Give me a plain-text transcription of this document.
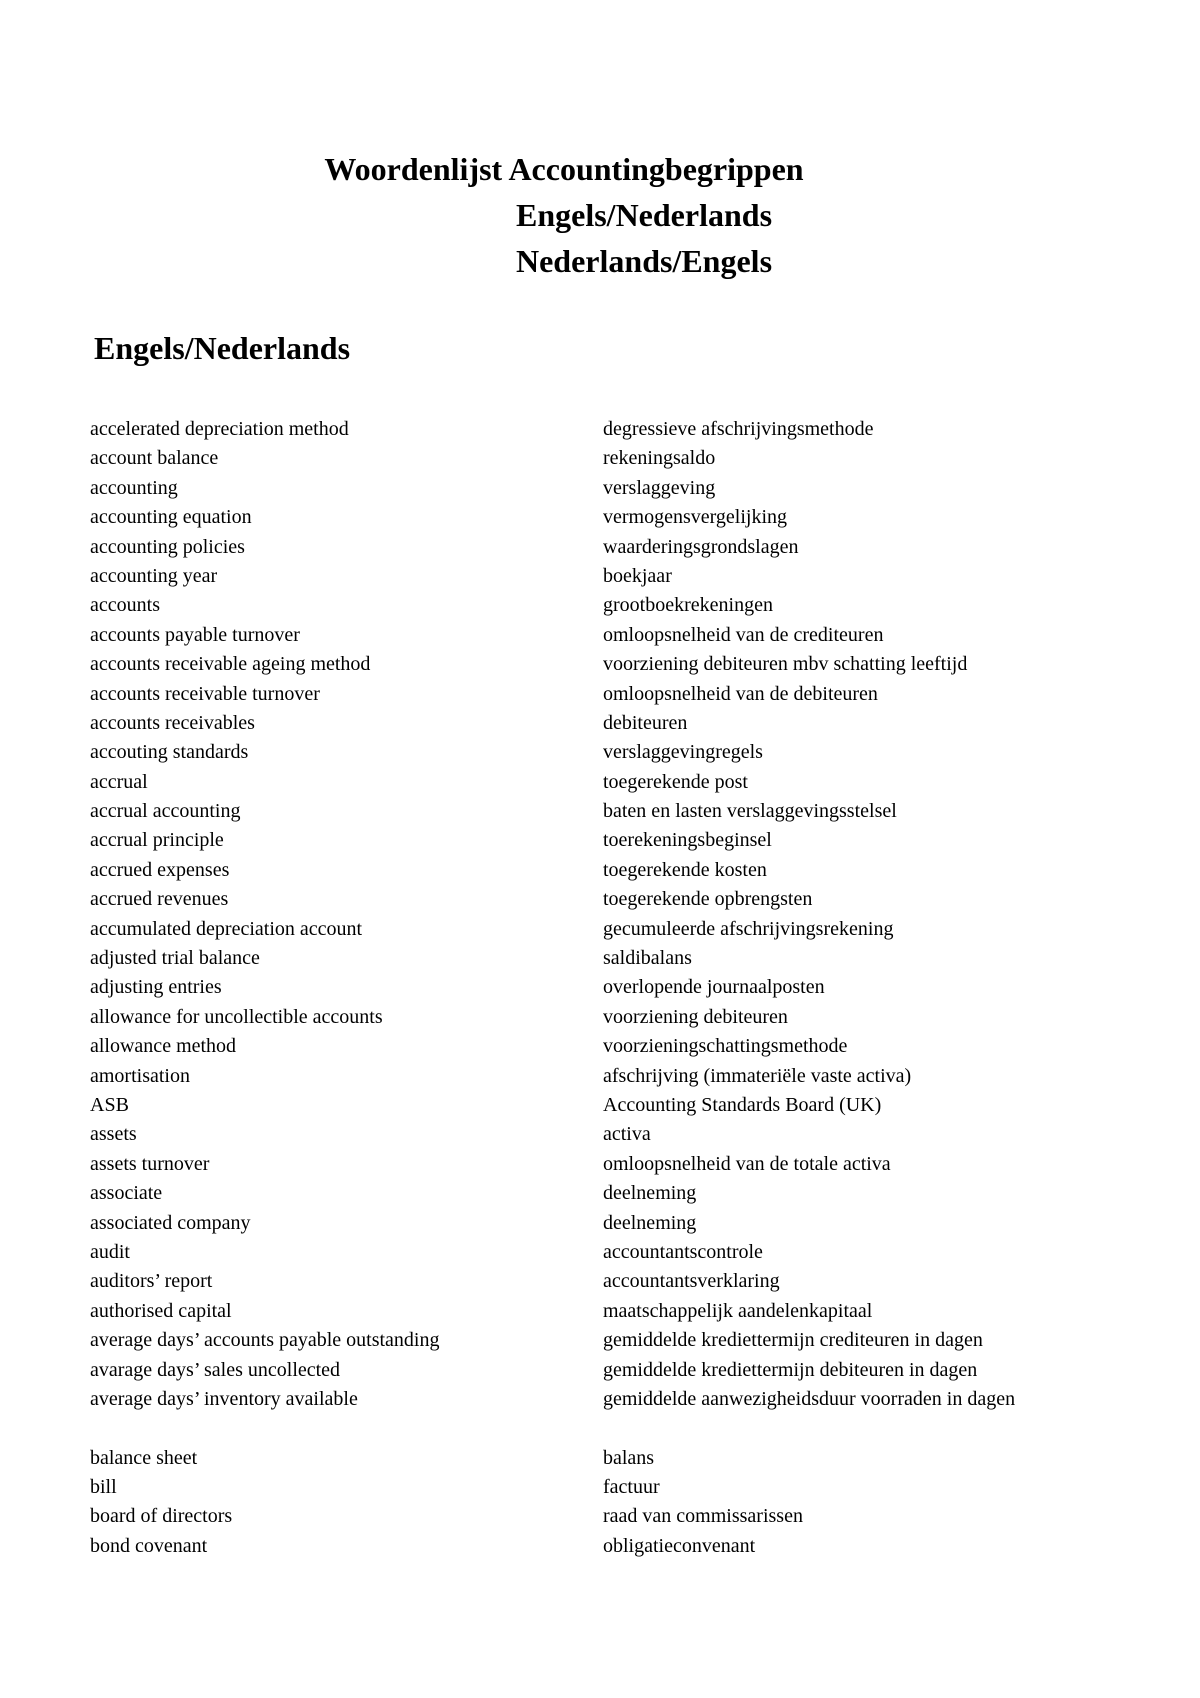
Woordenlijst Accountingbegrippen
Engels/Nederlands
Nederlands/Engels
Engels/Nederlands
accelerated depreciation method	degressieve afschrijvingsmethode
account balance	rekeningsaldo
accounting	verslaggeving
accounting equation	vermogensvergelijking
accounting policies	waarderingsgrondslagen
accounting year	boekjaar
accounts	grootboekrekeningen
accounts payable turnover	omloopsnelheid van de crediteuren
accounts receivable ageing method	voorziening debiteuren mbv schatting leeftijd
accounts receivable turnover	omloopsnelheid van de debiteuren
accounts receivables	debiteuren
accouting standards	verslaggevingregels
accrual	toegerekende post
accrual accounting	baten en lasten verslaggevingsstelsel
accrual principle	toerekeningsbeginsel
accrued expenses	toegerekende kosten
accrued revenues	toegerekende opbrengsten
accumulated depreciation account	gecumuleerde afschrijvingsrekening
adjusted trial balance	saldibalans
adjusting entries	overlopende journaalposten
allowance for uncollectible accounts	voorziening debiteuren
allowance method	voorzieningschattingsmethode
amortisation	afschrijving (immateriële vaste activa)
ASB	Accounting Standards Board (UK)
assets	activa
assets turnover	omloopsnelheid van de totale activa
associate	deelneming
associated company	deelneming
audit	accountantscontrole
auditors’ report	accountantsverklaring
authorised capital	maatschappelijk aandelenkapitaal
average days’ accounts payable outstanding	gemiddelde krediettermijn crediteuren in dagen
avarage days’ sales uncollected	gemiddelde krediettermijn debiteuren in dagen
average days’ inventory available	gemiddelde aanwezigheidsduur voorraden in dagen
balance sheet	balans
bill	factuur
board of directors	raad van commissarissen
bond covenant	obligatieconvenant
